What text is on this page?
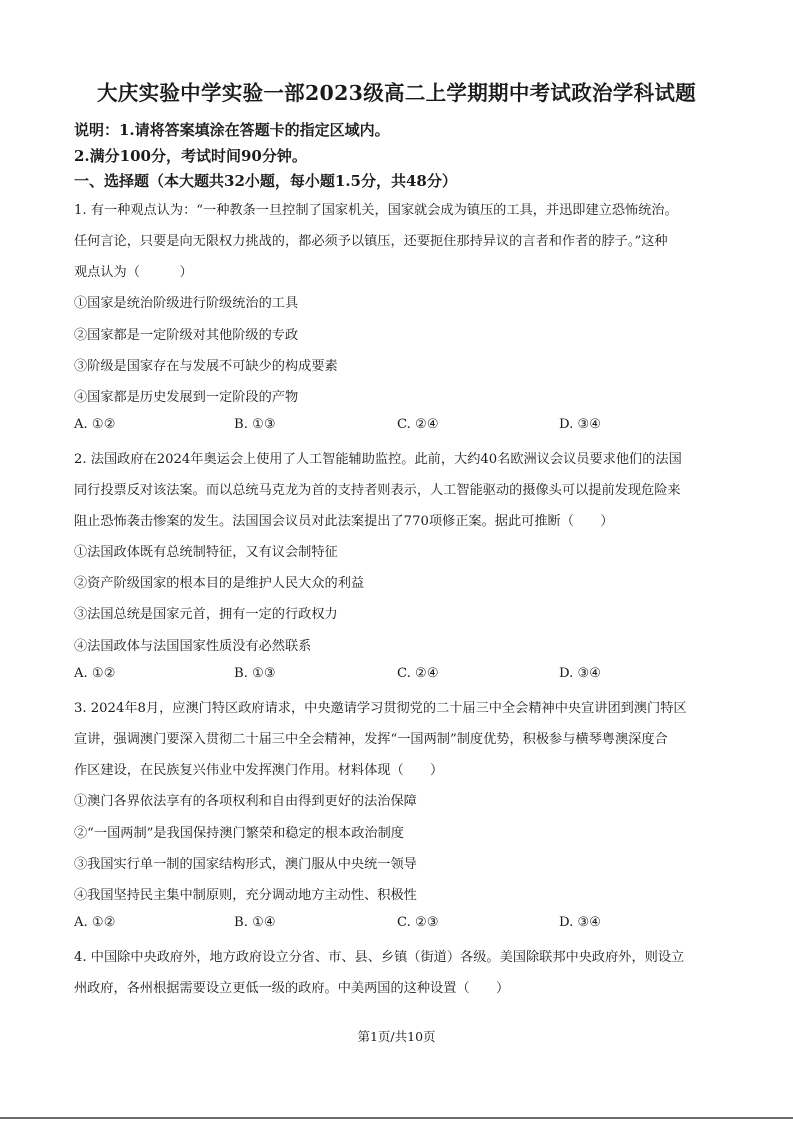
大庆实验中学实验一部2023级高二上学期期中考试政治学科试题
说明：1.请将答案填涂在答题卡的指定区域内。
2.满分100分，考试时间90分钟。
一、选择题（本大题共32小题，每小题1.5分，共48分）
1. 有一种观点认为：“一种教条一旦控制了国家机关，国家就会成为镇压的工具，并迅即建立恐怖统治。
任何言论，只要是向无限权力挑战的，都必须予以镇压，还要扼住那持异议的言者和作者的脖子。”这种
观点认为（　　　）
①国家是统治阶级进行阶级统治的工具
②国家都是一定阶级对其他阶级的专政
③阶级是国家存在与发展不可缺少的构成要素
④国家都是历史发展到一定阶段的产物
A. ①②	B. ①③	C. ②④	D. ③④
2. 法国政府在2024年奥运会上使用了人工智能辅助监控。此前，大约40名欧洲议会议员要求他们的法国
同行投票反对该法案。而以总统马克龙为首的支持者则表示，人工智能驱动的摄像头可以提前发现危险来
阻止恐怖袭击惨案的发生。法国国会议员对此法案提出了770项修正案。据此可推断（　　）
①法国政体既有总统制特征，又有议会制特征
②资产阶级国家的根本目的是维护人民大众的利益
③法国总统是国家元首，拥有一定的行政权力
④法国政体与法国国家性质没有必然联系
A. ①②	B. ①③	C. ②④	D. ③④
3. 2024年8月，应澳门特区政府请求，中央邀请学习贯彻党的二十届三中全会精神中央宣讲团到澳门特区
宣讲，强调澳门要深入贯彻二十届三中全会精神，发挥“一国两制”制度优势，积极参与横琴粤澳深度合
作区建设，在民族复兴伟业中发挥澳门作用。材料体现（　　）
①澳门各界依法享有的各项权利和自由得到更好的法治保障
②“一国两制”是我国保持澳门繁荣和稳定的根本政治制度
③我国实行单一制的国家结构形式，澳门服从中央统一领导
④我国坚持民主集中制原则，充分调动地方主动性、积极性
A. ①②	B. ①④	C. ②③	D. ③④
4. 中国除中央政府外，地方政府设立分省、市、县、乡镇（街道）各级。美国除联邦中央政府外，则设立
州政府，各州根据需要设立更低一级的政府。中美两国的这种设置（　　）
第1页/共10页
